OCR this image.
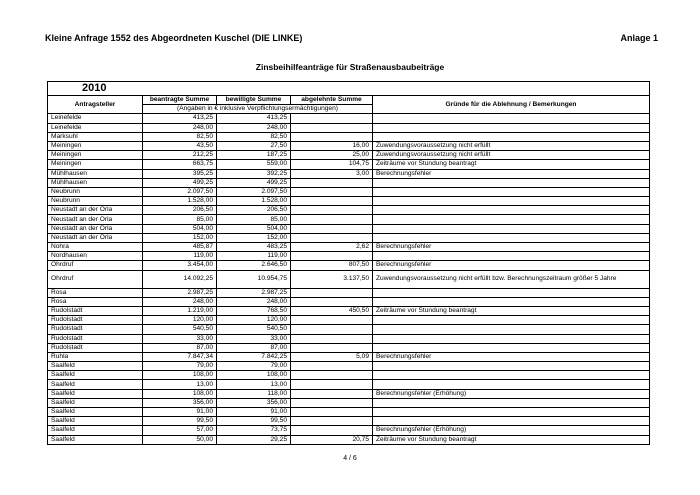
Kleine Anfrage 1552 des Abgeordneten Kuschel (DIE LINKE)	Anlage 1
Zinsbeihilfeanträge für Straßenausbaubeiträge
2010
Antragsteller	beantragte Summe	bewilligte Summe	abgelehnte Summe	Gründe für die Ablehnung / Bemerkungen
	(Angaben in € inklusive Verpflichtungsermächtigungen)			
Leinefelde	413,25	413,25		
Leinefelde	248,00	248,00		
Marksuhl	82,50	82,50		
Meiningen	43,50	27,50	16,00	Zuwendungsvoraussetzung nicht erfüllt
Meiningen	212,25	187,25	25,00	Zuwendungsvoraussetzung nicht erfüllt
Meiningen	663,75	559,00	104,75	Zeiträume vor Stundung beantragt
Mühlhausen	395,25	392,25	3,00	Berechnungsfehler
Mühlhausen	499,25	499,25		
Neubrunn	2.097,50	2.097,50		
Neubrunn	1.528,00	1.528,00		
Neustadt an der Orla	206,50	206,50		
Neustadt an der Orla	85,00	85,00		
Neustadt an der Orla	504,00	504,00		
Neustadt an der Orla	152,00	152,00		
Nohra	485,87	483,25	2,62	Berechnungsfehler
Nordhausen	119,00	119,00		
Ohrdruf	3.454,00	2.646,50	807,50	Berechnungsfehler
Ohrdruf	14.092,25	10.954,75	3.137,50	Zuwendungsvoraussetzung nicht erfüllt bzw. Berechnungszeitraum größer 5 Jahre
Rosa	2.987,25	2.987,25		
Rosa	248,00	248,00		
Rudolstadt	1.219,00	768,50	450,50	Zeiträume vor Stundung beantragt
Rudolstadt	120,00	120,00		
Rudolstadt	540,50	540,50		
Rudolstadt	33,00	33,00		
Rudolstadt	87,00	87,00		
Ruhla	7.847,34	7.842,25	5,09	Berechnungsfehler
Saalfeld	79,00	79,00		
Saalfeld	108,00	108,00		
Saalfeld	13,00	13,00		
Saalfeld	108,00	118,00		Berechnungsfehler (Erhöhung)
Saalfeld	356,00	356,00		
Saalfeld	91,00	91,00		
Saalfeld	99,50	99,50		
Saalfeld	57,00	73,75		Berechnungsfehler (Erhöhung)
Saalfeld	50,00	29,25	20,75	Zeiträume vor Stundung beantragt
4 / 6
